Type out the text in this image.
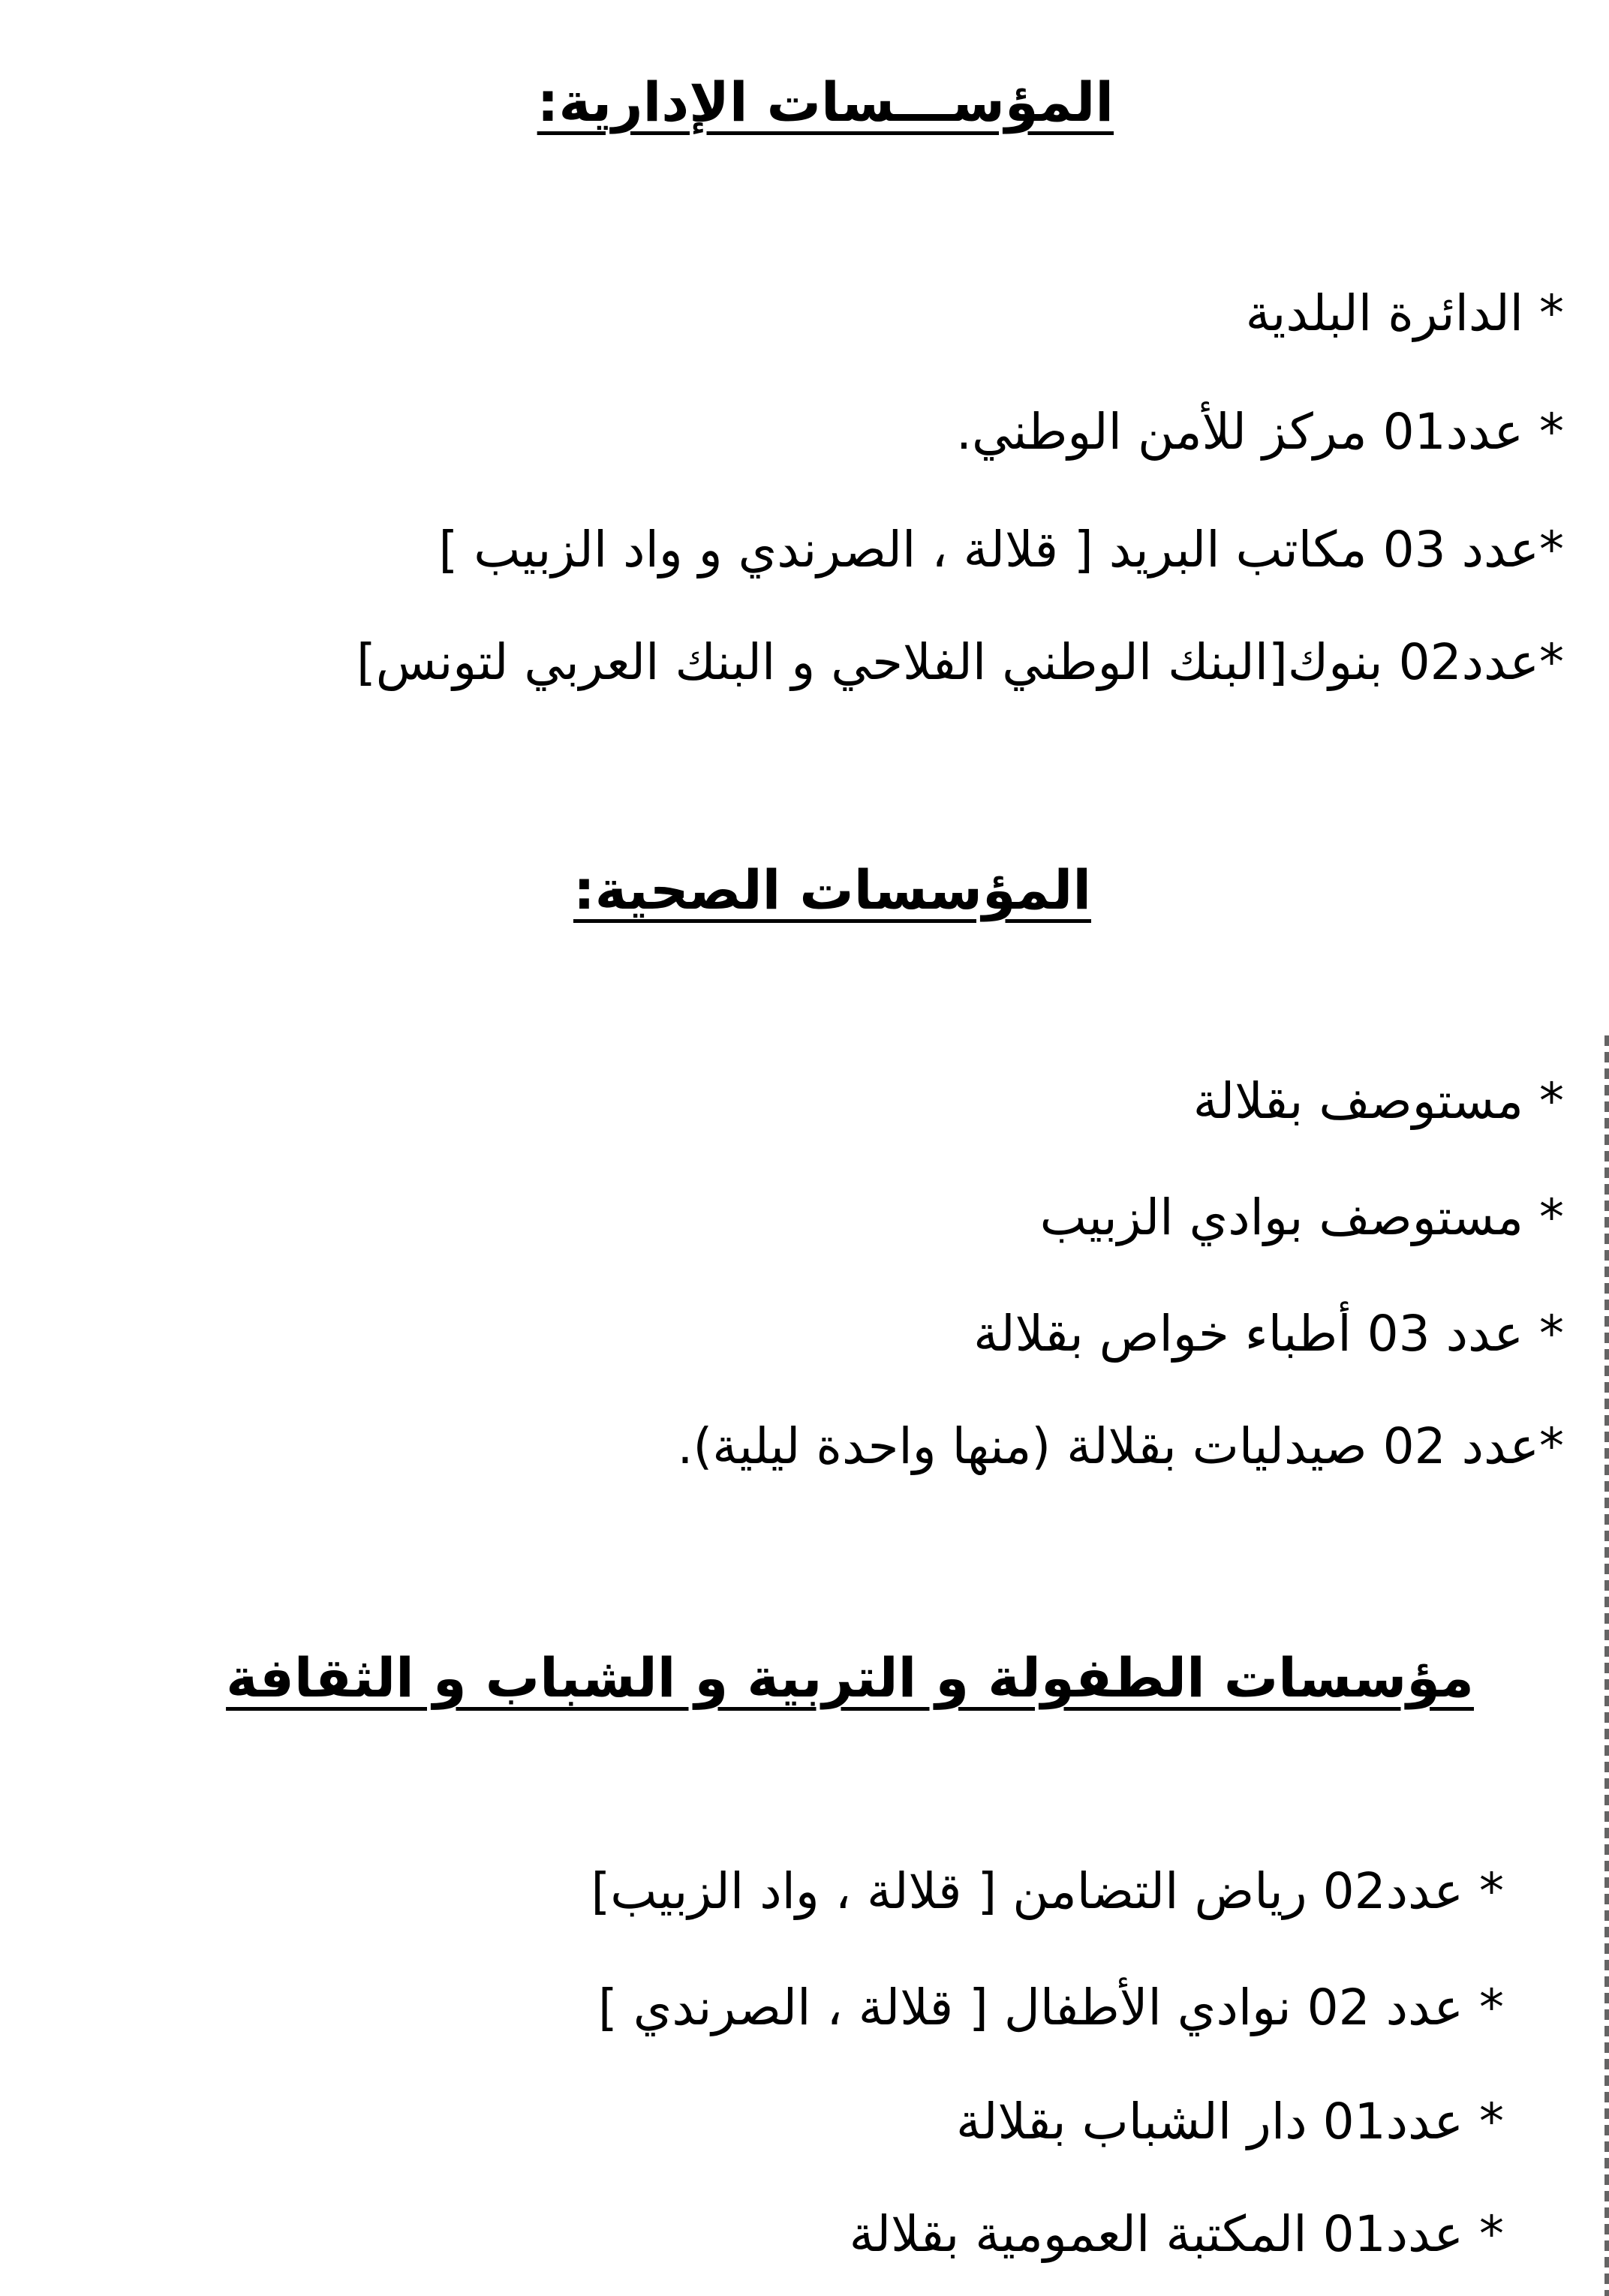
المؤســـسات الإدارية:
* الدائرة البلدية
* عدد01 مركز للأمن الوطني.
*عدد 03 مكاتب البريد [ قلالة ، الصرندي و واد الزبيب ]
*عدد02 بنوك[البنك الوطني الفلاحي و البنك العربي لتونس]
المؤسسات الصحية:
* مستوصف بقلالة
* مستوصف بوادي الزبيب
* عدد 03 أطباء خواص بقلالة
*عدد 02 صيدليات بقلالة (منها واحدة ليلية).
مؤسسات الطفولة و التربية و الشباب و الثقافة
* عدد02 رياض التضامن [ قلالة ، واد الزبيب]
* عدد 02 نوادي الأطفال [ قلالة ، الصرندي ]
* عدد01 دار الشباب بقلالة
* عدد01 المكتبة العمومية بقلالة
